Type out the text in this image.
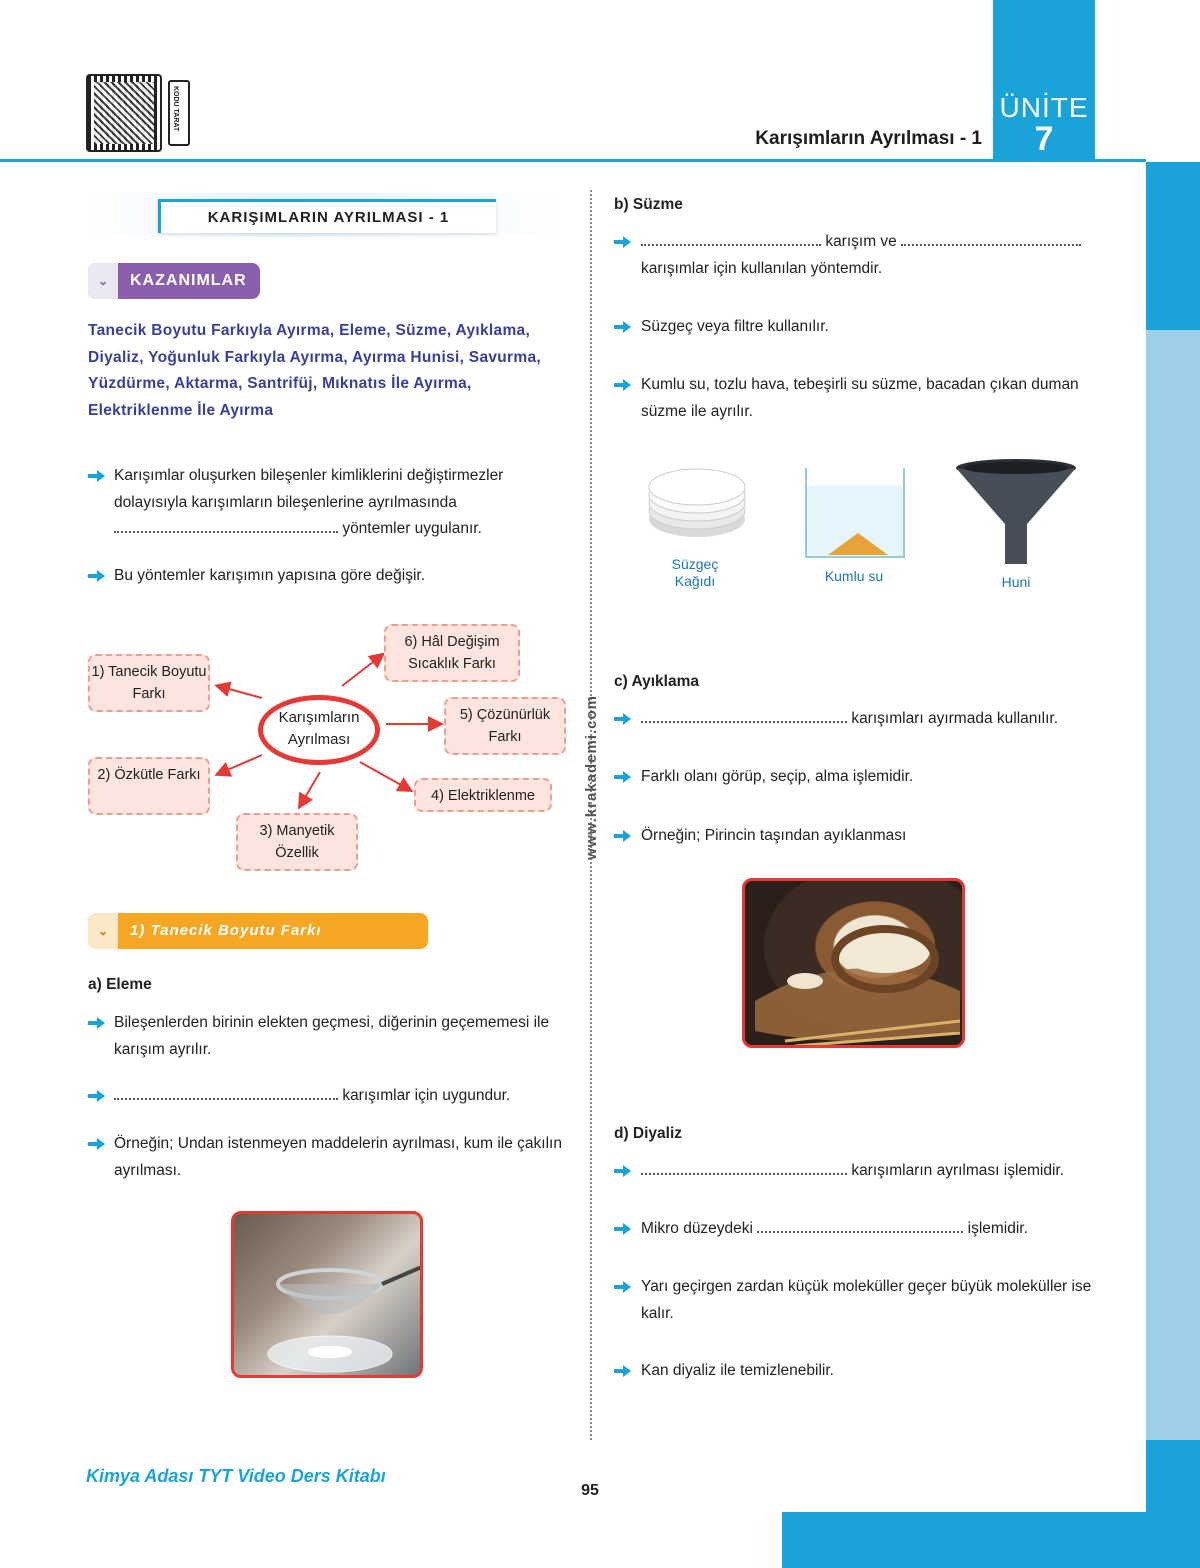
KODU TARAT
Karışımların Ayrılması - 1
ÜNİTE
7
www.krakademi.com
KARIŞIMLARIN AYRILMASI - 1
⌄	KAZANIMLAR
Tanecik Boyutu Farkıyla Ayırma, Eleme, Süzme, Ayıklama, Diyaliz, Yoğunluk Farkıyla Ayırma, Ayırma Hunisi, Savurma, Yüzdürme, Aktarma, Santrifüj, Mıknatıs İle Ayırma, Elektriklenme İle Ayırma
Karışımlar oluşurken bileşenler kimliklerini değiştirmezler dolayısıyla karışımların bileşenlerine ayrılmasında
yöntemler uygulanır.
Bu yöntemler karışımın yapısına göre değişir.
Karışımların Ayrılması
1) Tanecik Boyutu Farkı
2) Özkütle Farkı
3) Manyetik Özellik
4) Elektriklenme
5) Çözünürlük Farkı
6) Hâl Değişim Sıcaklık Farkı
⌄	1) Tanecik Boyutu Farkı
a) Eleme
Bileşenlerden birinin elekten geçmesi, diğerinin geçememesi ile karışım ayrılır.
karışımlar için uygundur.
Örneğin; Undan istenmeyen maddelerin ayrılması, kum ile çakılın ayrılması.
b) Süzme
karışım ve
karışımlar için kullanılan yöntemdir.
Süzgeç veya filtre kullanılır.
Kumlu su, tozlu hava, tebeşirli su süzme, bacadan çıkan duman süzme ile ayrılır.
Süzgeç Kağıdı	Kumlu su	Huni
c) Ayıklama
karışımları ayırmada kullanılır.
Farklı olanı görüp, seçip, alma işlemidir.
Örneğin; Pirincin taşından ayıklanması
d) Diyaliz
karışımların ayrılması işlemidir.
Mikro düzeydeki	işlemidir.
Yarı geçirgen zardan küçük moleküller geçer büyük moleküller ise kalır.
Kan diyaliz ile temizlenebilir.
Kimya Adası TYT Video Ders Kitabı
95
